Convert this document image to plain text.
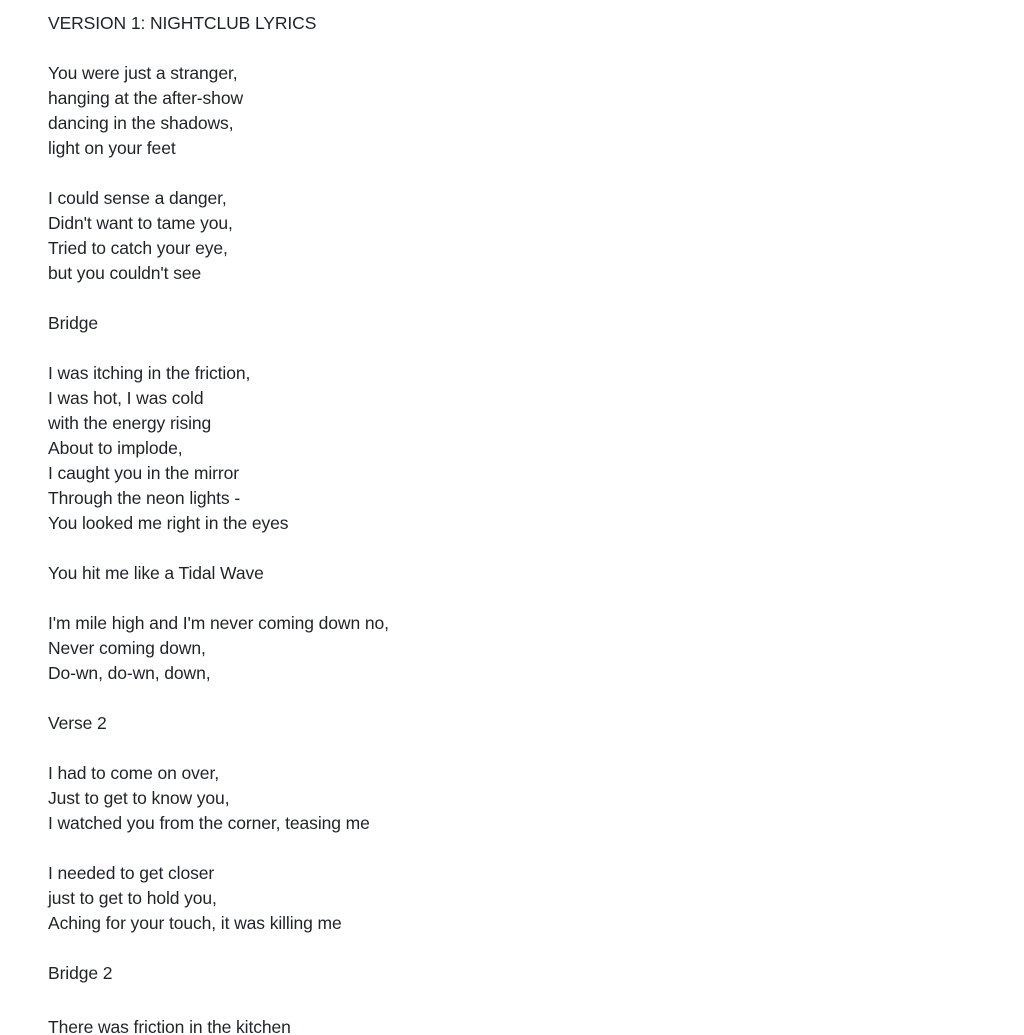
VERSION 1: NIGHTCLUB LYRICS
You were just a stranger,
hanging at the after-show
dancing in the shadows,
light on your feet
I could sense a danger,
Didn't want to tame you,
Tried to catch your eye,
but you couldn't see
Bridge
I was itching in the friction,
I was hot, I was cold
with the energy rising
About to implode,
I caught you in the mirror
Through the neon lights -
You looked me right in the eyes
You hit me like a Tidal Wave
I'm mile high and I'm never coming down no,
Never coming down,
Do-wn, do-wn, down,
Verse 2
I had to come on over,
Just to get to know you,
I watched you from the corner, teasing me
I needed to get closer
just to get to hold you,
Aching for your touch, it was killing me
Bridge 2
There was friction in the kitchen
